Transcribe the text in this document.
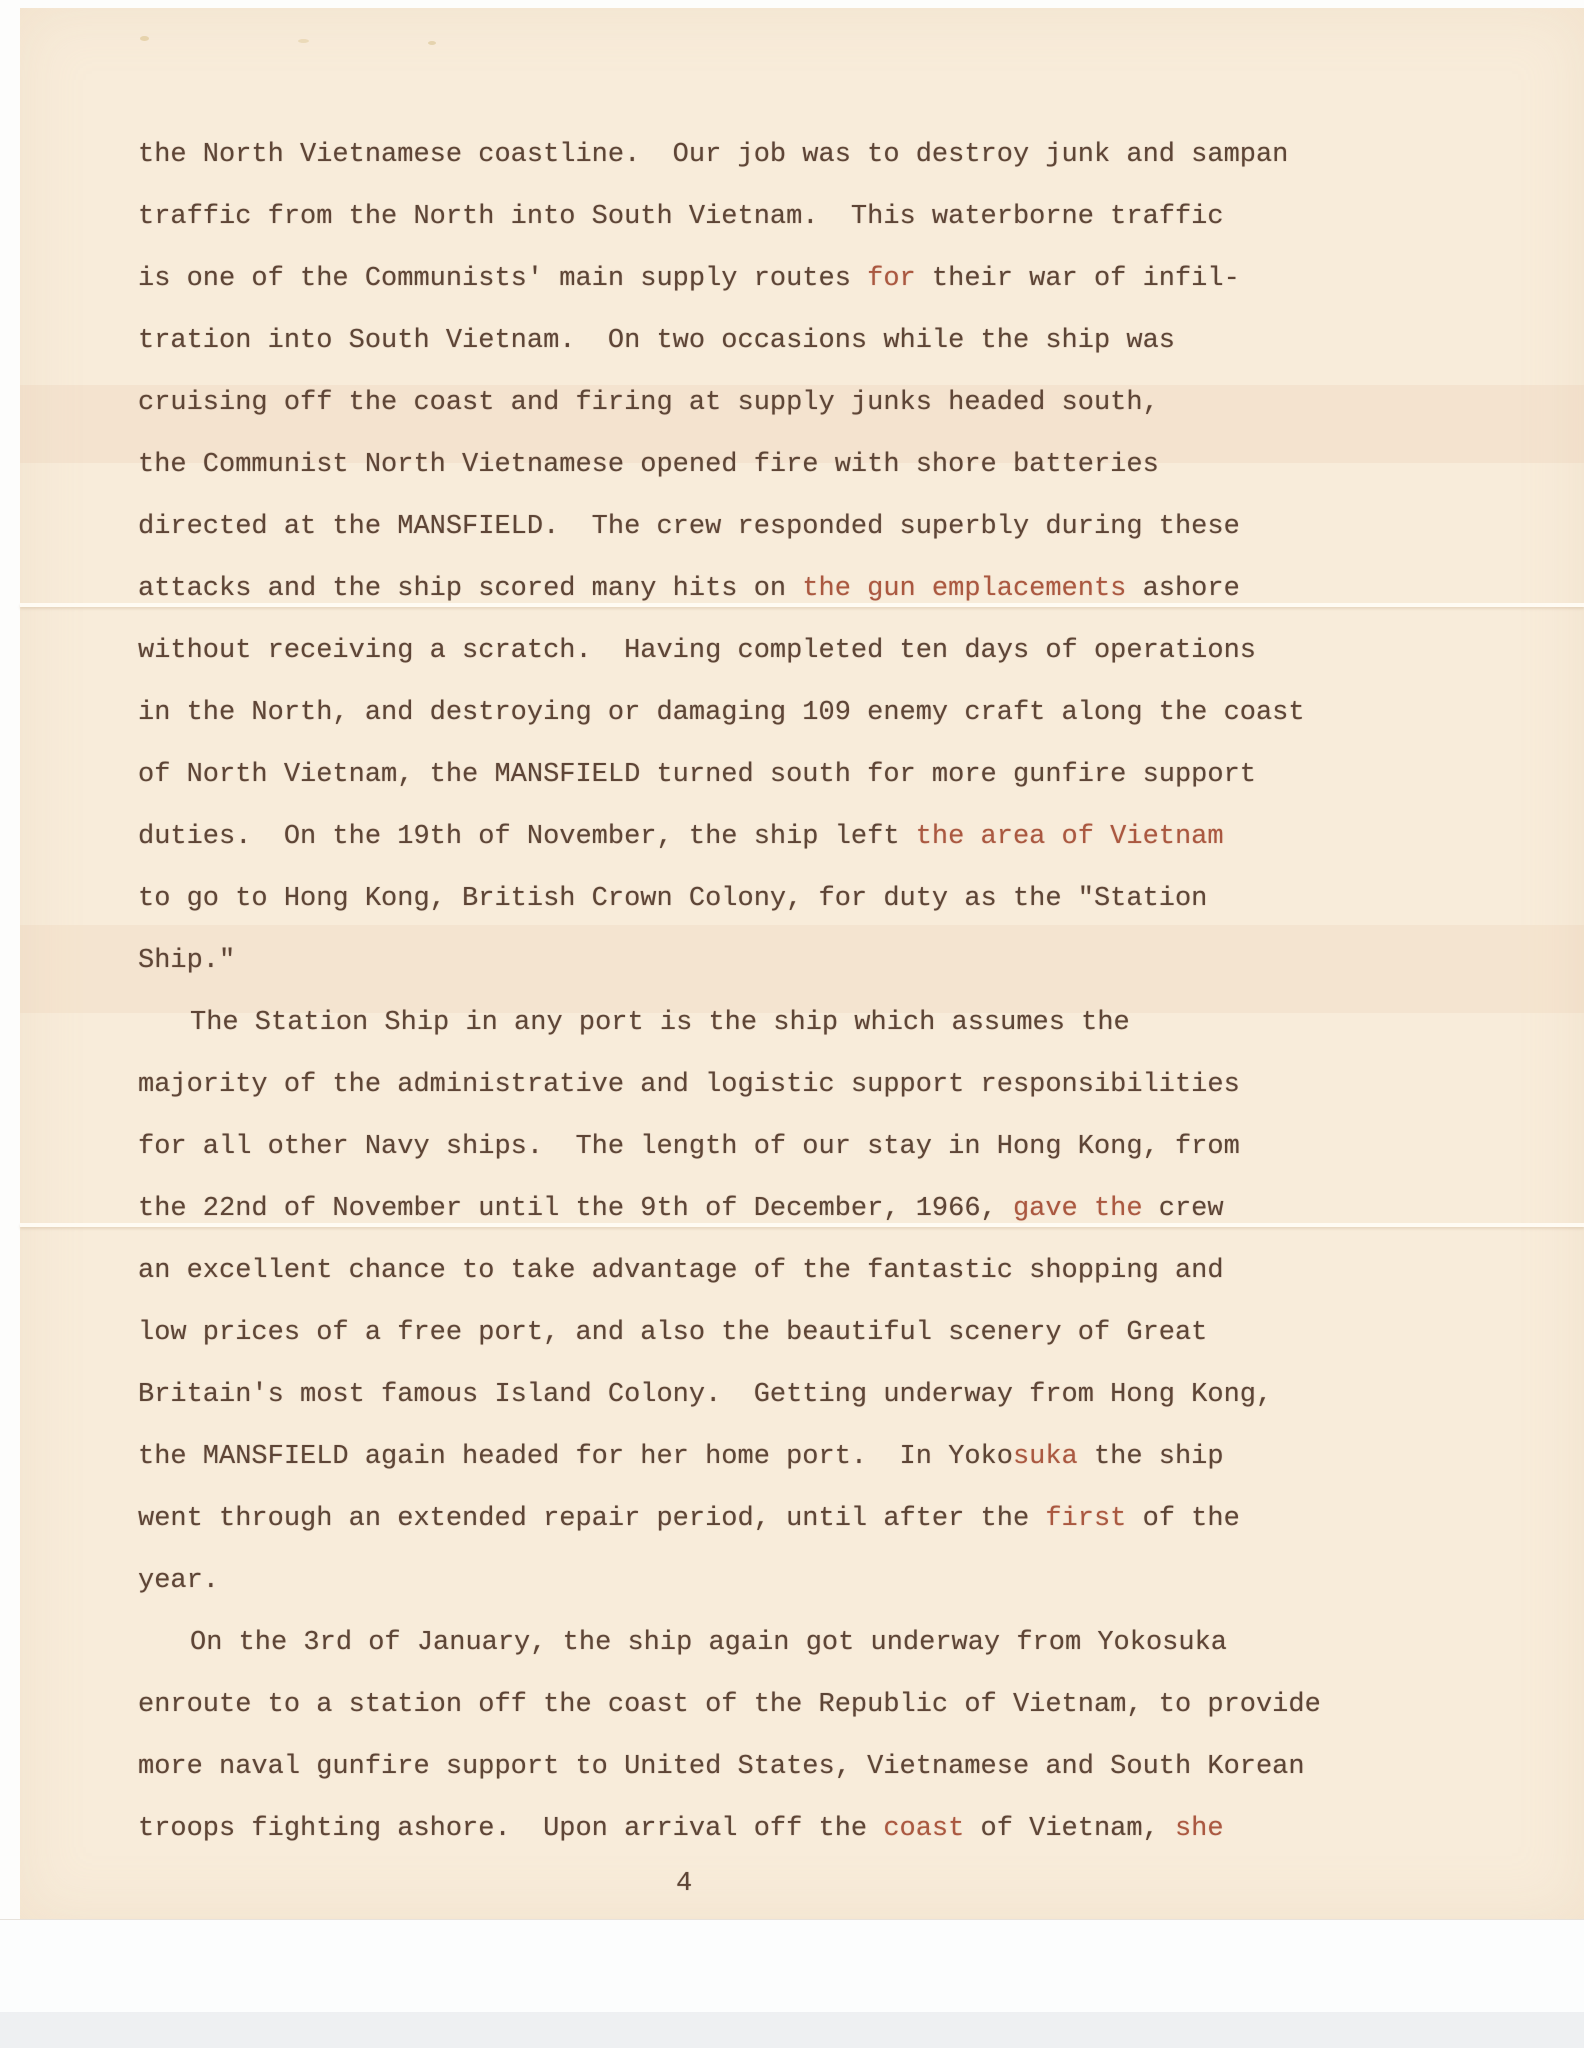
the North Vietnamese coastline.  Our job was to destroy junk and sampan
traffic from the North into South Vietnam.  This waterborne traffic
is one of the Communists' main supply routes for their war of infil-
tration into South Vietnam.  On two occasions while the ship was
cruising off the coast and firing at supply junks headed south,
the Communist North Vietnamese opened fire with shore batteries
directed at the MANSFIELD.  The crew responded superbly during these
attacks and the ship scored many hits on the gun emplacements ashore
without receiving a scratch.  Having completed ten days of operations
in the North, and destroying or damaging 109 enemy craft along the coast
of North Vietnam, the MANSFIELD turned south for more gunfire support
duties.  On the 19th of November, the ship left the area of Vietnam
to go to Hong Kong, British Crown Colony, for duty as the "Station
Ship."
The Station Ship in any port is the ship which assumes the
majority of the administrative and logistic support responsibilities
for all other Navy ships.  The length of our stay in Hong Kong, from
the 22nd of November until the 9th of December, 1966, gave the crew
an excellent chance to take advantage of the fantastic shopping and
low prices of a free port, and also the beautiful scenery of Great
Britain's most famous Island Colony.  Getting underway from Hong Kong,
the MANSFIELD again headed for her home port.  In Yokosuka the ship
went through an extended repair period, until after the first of the
year.
On the 3rd of January, the ship again got underway from Yokosuka
enroute to a station off the coast of the Republic of Vietnam, to provide
more naval gunfire support to United States, Vietnamese and South Korean
troops fighting ashore.  Upon arrival off the coast of Vietnam, she
4
